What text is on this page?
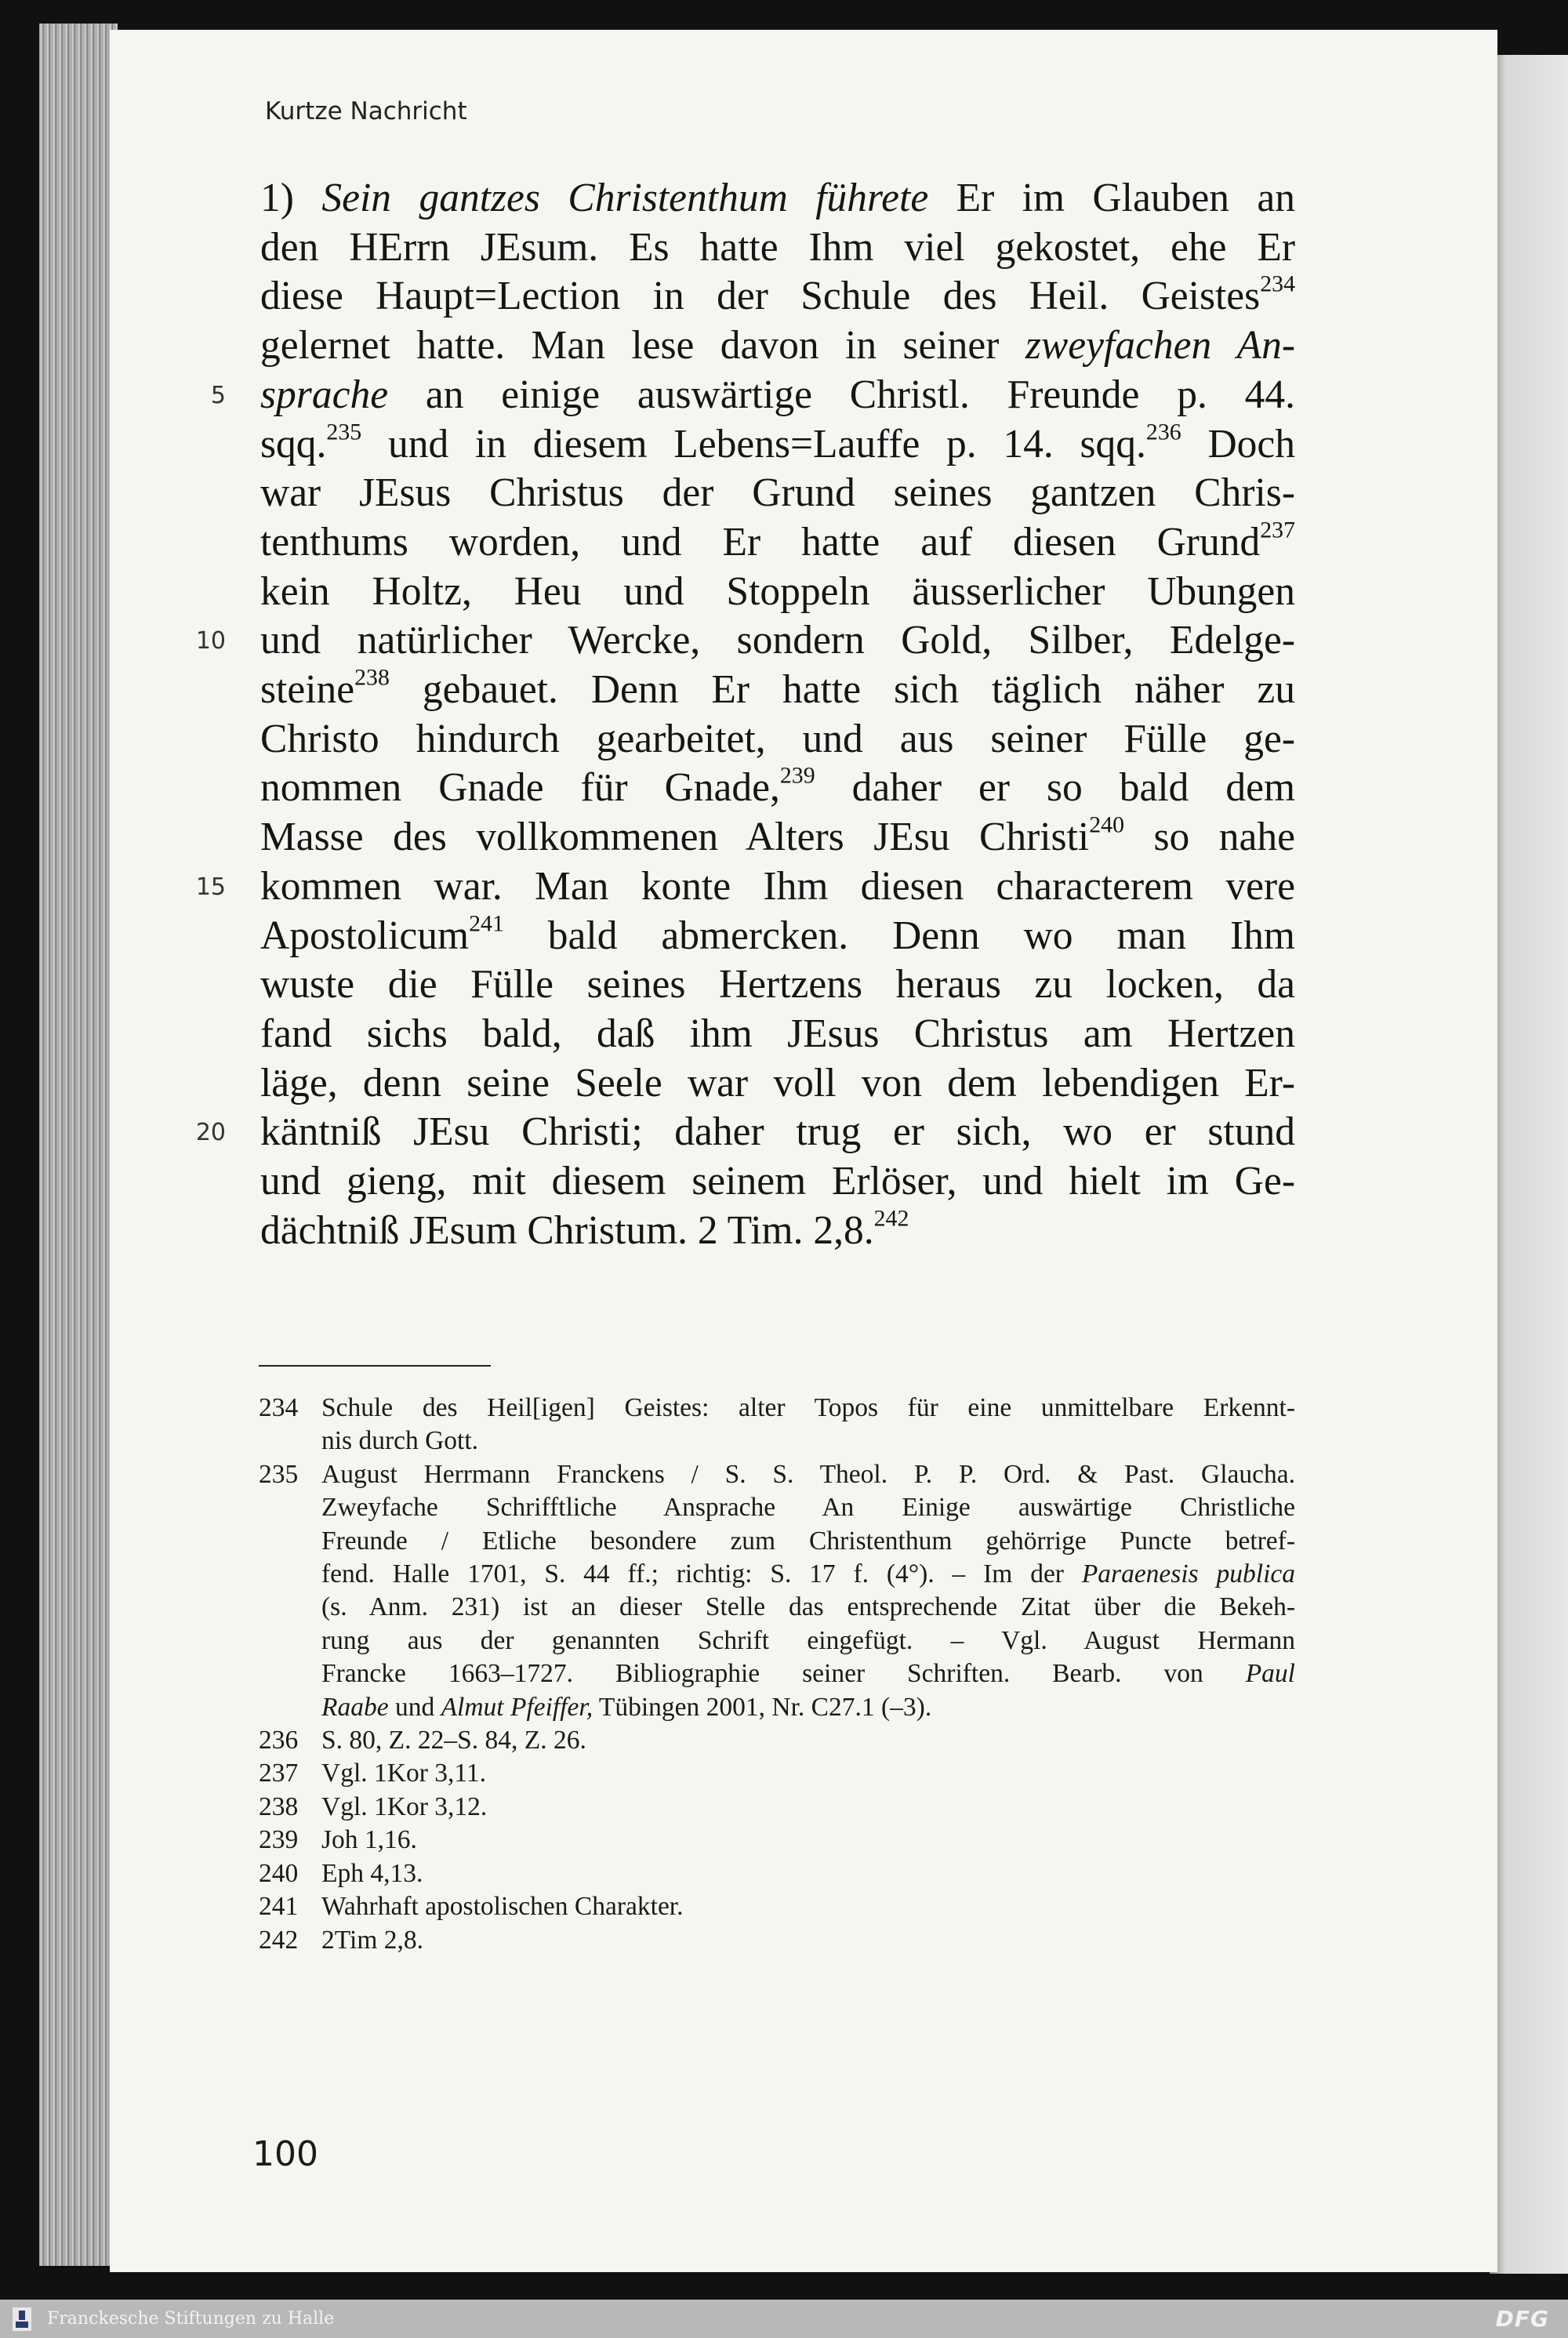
Kurtze Nachricht
1) Sein gantzes Christenthum führete Er im Glauben an
den HErrn JEsum. Es hatte Ihm viel gekostet, ehe Er
diese Haupt=Lection in der Schule des Heil. Geistes$^{234}$
gelernet hatte. Man lese davon in seiner zweyfachen An-
sprache an einige auswärtige Christl. Freunde p. 44.
sqq.$^{235}$ und in diesem Lebens=Lauffe p. 14. sqq.$^{236}$ Doch
war JEsus Christus der Grund seines gantzen Chris-
tenthums worden, und Er hatte auf diesen Grund$^{237}$
kein Holtz, Heu und Stoppeln äusserlicher Ubungen
und natürlicher Wercke, sondern Gold, Silber, Edelge-
steine$^{238}$ gebauet. Denn Er hatte sich täglich näher zu
Christo hindurch gearbeitet, und aus seiner Fülle ge-
nommen Gnade für Gnade,$^{239}$ daher er so bald dem
Masse des vollkommenen Alters JEsu Christi$^{240}$ so nahe
kommen war. Man konte Ihm diesen characterem vere
Apostolicum$^{241}$ bald abmercken. Denn wo man Ihm
wuste die Fülle seines Hertzens heraus zu locken, da
fand sichs bald, daß ihm JEsus Christus am Hertzen
läge, denn seine Seele war voll von dem lebendigen Er-
käntniß JEsu Christi; daher trug er sich, wo er stund
und gieng, mit diesem seinem Erlöser, und hielt im Ge-
dächtniß JEsum Christum. 2 Tim. 2,8.$^{242}$
5
10
15
20
234 Schule des Heil[igen] Geistes: alter Topos für eine unmittelbare Erkennt-
nis durch Gott.
235 August Herrmann Franckens / S. S. Theol. P. P. Ord. & Past. Glaucha.
Zweyfache Schrifftliche Ansprache An Einige auswärtige Christliche
Freunde / Etliche besondere zum Christenthum gehörrige Puncte betref-
fend. Halle 1701, S. 44 ff.; richtig: S. 17 f. (4°). – Im der Paraenesis publica
(s. Anm. 231) ist an dieser Stelle das entsprechende Zitat über die Bekeh-
rung aus der genannten Schrift eingefügt. – Vgl. August Hermann
Francke 1663–1727. Bibliographie seiner Schriften. Bearb. von Paul
Raabe und Almut Pfeiffer, Tübingen 2001, Nr. C27.1 (–3).
236 S. 80, Z. 22–S. 84, Z. 26.
237 Vgl. 1Kor 3,11.
238 Vgl. 1Kor 3,12.
239 Joh 1,16.
240 Eph 4,13.
241 Wahrhaft apostolischen Charakter.
242 2Tim 2,8.
100
Franckesche Stiftungen zu Halle	DFG
